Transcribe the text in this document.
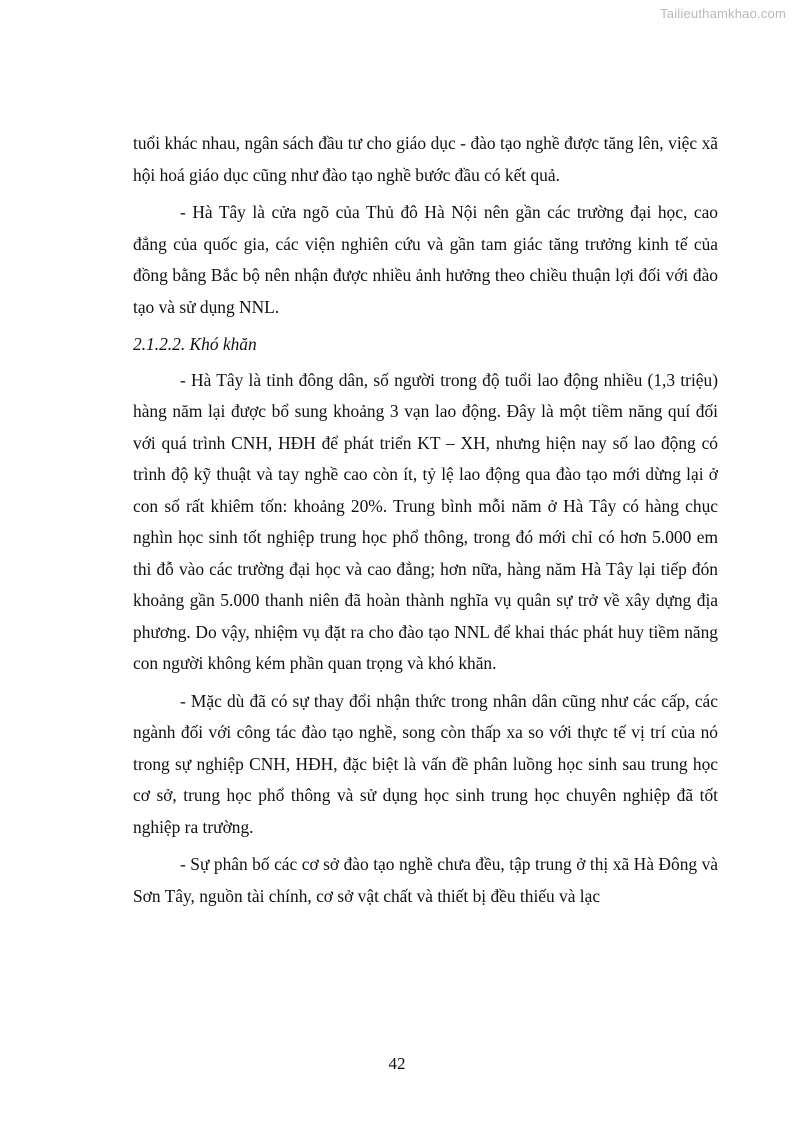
Tailieuthamkhao.com

tuổi khác nhau, ngân sách đầu tư cho giáo dục - đào tạo nghề được tăng lên, việc xã hội hoá giáo dục cũng như đào tạo nghề bước đầu có kết quả.

- Hà Tây là cửa ngõ của Thủ đô Hà Nội nên gần các trường đại học, cao đẳng của quốc gia, các viện nghiên cứu và gần tam giác tăng trưởng kinh tế của đồng bằng Bắc bộ nên nhận được nhiều ảnh hưởng theo chiều thuận lợi đối với đào tạo và sử dụng NNL.

2.1.2.2. Khó khăn

- Hà Tây là tỉnh đông dân, số người trong độ tuổi lao động nhiều (1,3 triệu) hàng năm lại được bổ sung khoảng 3 vạn lao động. Đây là một tiềm năng quí đối với quá trình CNH, HĐH để phát triển KT – XH, nhưng hiện nay số lao động có trình độ kỹ thuật và tay nghề cao còn ít, tỷ lệ lao động qua đào tạo mới dừng lại ở con số rất khiêm tốn: khoảng 20%. Trung bình mỗi năm ở Hà Tây có hàng chục nghìn học sinh tốt nghiệp trung học phổ thông, trong đó mới chỉ có hơn 5.000 em thi đỗ vào các trường đại học và cao đẳng; hơn nữa, hàng năm Hà Tây lại tiếp đón khoảng gần 5.000 thanh niên đã hoàn thành nghĩa vụ quân sự trở về xây dựng địa phương. Do vậy, nhiệm vụ đặt ra cho đào tạo NNL để khai thác phát huy tiềm năng con người không kém phần quan trọng và khó khăn.

- Mặc dù đã có sự thay đổi nhận thức trong nhân dân cũng như các cấp, các ngành đối với công tác đào tạo nghề, song còn thấp xa so với thực tế vị trí của nó trong sự nghiệp CNH, HĐH, đặc biệt là vấn đề phân luồng học sinh sau trung học cơ sở, trung học phổ thông và sử dụng học sinh trung học chuyên nghiệp đã tốt nghiệp ra trường.

- Sự phân bố các cơ sở đào tạo nghề chưa đều, tập trung ở thị xã Hà Đông và Sơn Tây, nguồn tài chính, cơ sở vật chất và thiết bị đều thiếu và lạc

42
